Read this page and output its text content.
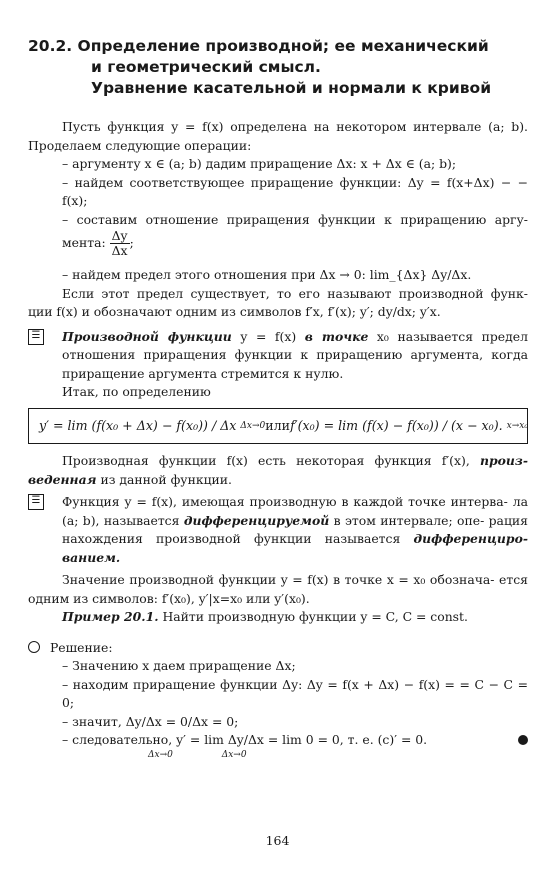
20.2. Определение производной; ее механический
и геометрический смысл.
Уравнение касательной и нормали к кривой

Пусть функция y = f(x) определена на некотором интервале (a; b). Проделаем следующие операции:

– аргументу x ∈ (a; b) дадим приращение Δx: x + Δx ∈ (a; b);

– найдем соответствующее приращение функции: Δy = f(x+Δx) − − f(x);

– составим отношение приращения функции к приращению аргу- мента: $\frac{\Delta y}{\Delta x}$ ;

– найдем предел этого отношения при Δx → 0: lim_{Δx} Δy/Δx.

Если этот предел существует, то его называют производной функ- ции f(x) и обозначают одним из символов f′x, f′(x); y′; dy/dx; y′x.

☰ Производной функции y = f(x) в точке x₀ называется предел отношения приращения функции к приращению аргумента, когда приращение аргумента стремится к нулю.

Итак, по определению

y′ = lim (f(x₀ + Δx) − f(x₀)) / Δx Δx→0 или f′(x₀) = lim (f(x) − f(x₀)) / (x − x₀). x→x₀

Производная функции f(x) есть некоторая функция f′(x), произ- веденная из данной функции.

☰ Функция y = f(x), имеющая производную в каждой точке интерва- ла (a; b), называется дифференцируемой в этом интервале; опе- рация нахождения производной функции называется дифференциро- ванием.

Значение производной функции y = f(x) в точке x = x₀ обознача- ется одним из символов: f′(x₀), y′|x=x₀ или y′(x₀).

Пример 20.1. Найти производную функции y = C, C = const.

Решение:

– Значению x даем приращение Δx;

– находим приращение функции Δy: Δy = f(x + Δx) − f(x) = = C − C = 0;

– значит, Δy/Δx = 0/Δx = 0;

– следовательно, y′ = lim Δy/Δx = lim 0 = 0, т. е. (c)′ = 0.

Δx→0	Δx→0

164
